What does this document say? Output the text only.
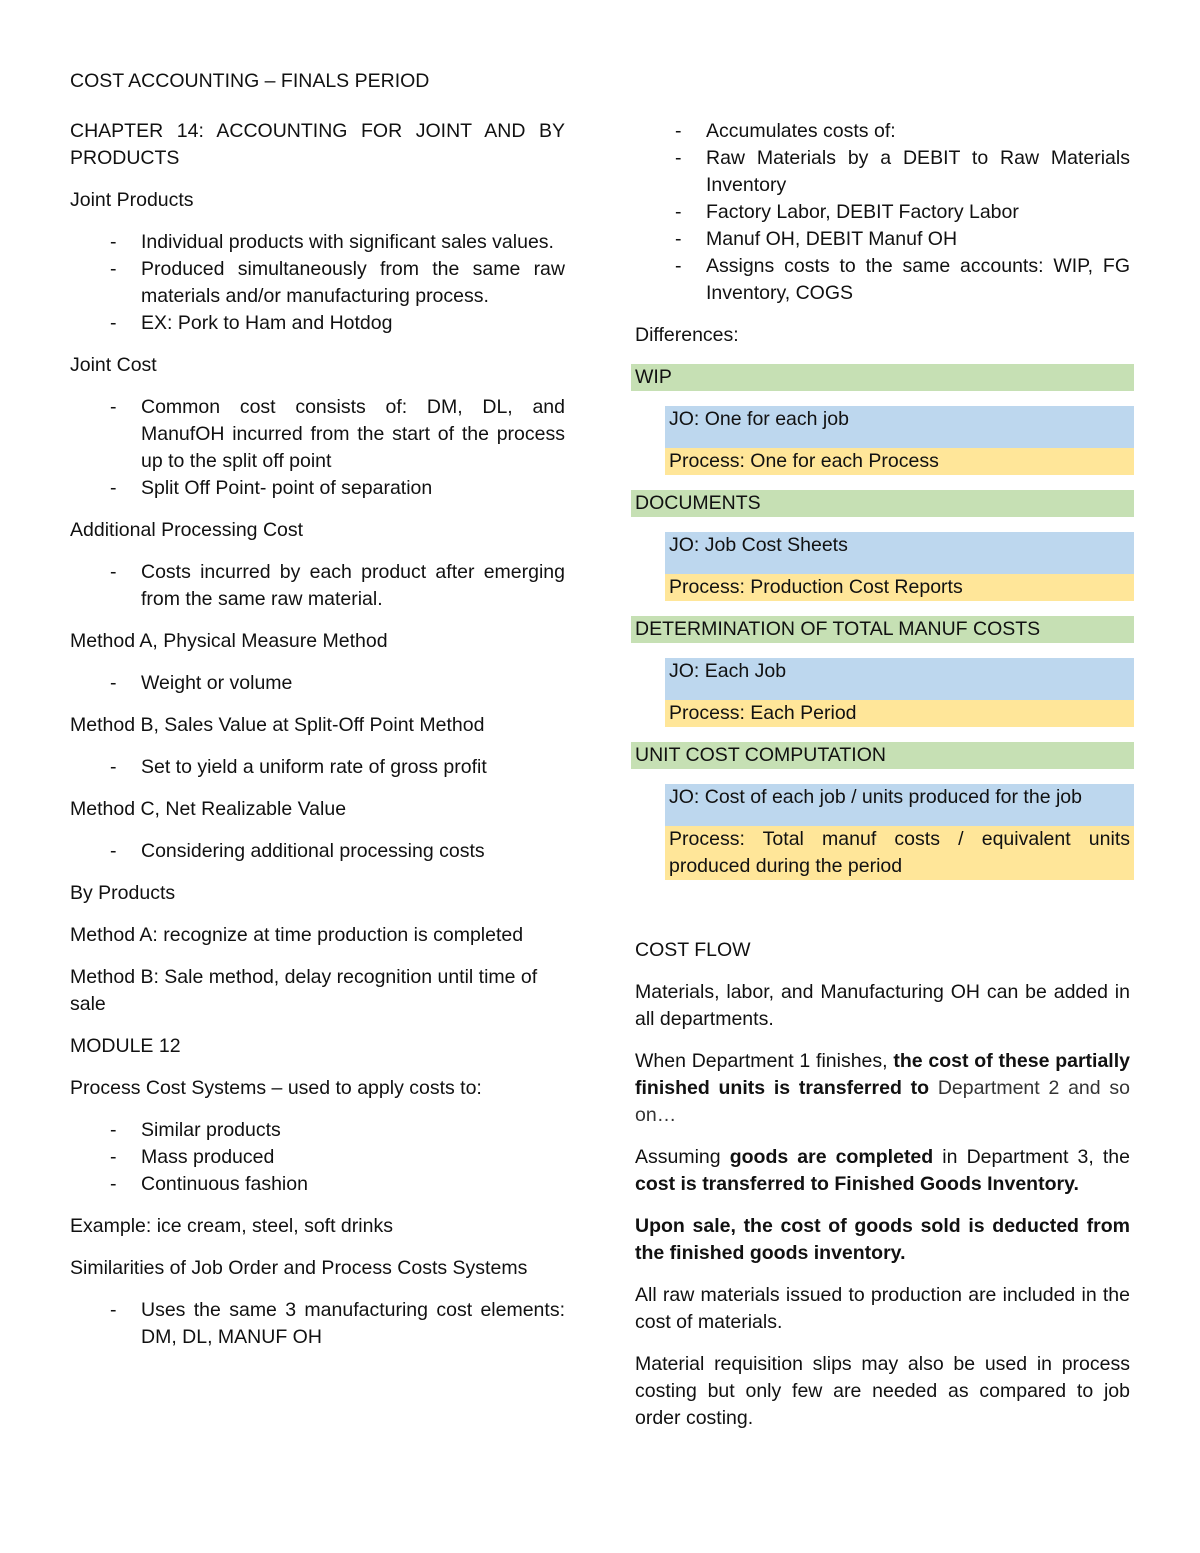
COST ACCOUNTING – FINALS PERIOD

CHAPTER 14: ACCOUNTING FOR JOINT AND BY PRODUCTS

Joint Products

- Individual products with significant sales values.
- Produced simultaneously from the same raw materials and/or manufacturing process.
- EX: Pork to Ham and Hotdog

Joint Cost

- Common cost consists of: DM, DL, and ManufOH incurred from the start of the process up to the split off point
- Split Off Point- point of separation

Additional Processing Cost

- Costs incurred by each product after emerging from the same raw material.

Method A, Physical Measure Method

- Weight or volume

Method B, Sales Value at Split-Off Point Method

- Set to yield a uniform rate of gross profit

Method C, Net Realizable Value

- Considering additional processing costs

By Products

Method A: recognize at time production is completed

Method B: Sale method, delay recognition until time of sale

MODULE 12

Process Cost Systems – used to apply costs to:

- Similar products
- Mass produced
- Continuous fashion

Example: ice cream, steel, soft drinks

Similarities of Job Order and Process Costs Systems

- Uses the same 3 manufacturing cost elements: DM, DL, MANUF OH
- Accumulates costs of:
- Raw Materials by a DEBIT to Raw Materials Inventory
- Factory Labor, DEBIT Factory Labor
- Manuf OH, DEBIT Manuf OH
- Assigns costs to the same accounts: WIP, FG Inventory, COGS

Differences:

WIP
JO: One for each job
Process: One for each Process
DOCUMENTS
JO: Job Cost Sheets
Process: Production Cost Reports
DETERMINATION OF TOTAL MANUF COSTS
JO: Each Job
Process: Each Period
UNIT COST COMPUTATION
JO: Cost of each job / units produced for the job
Process: Total manuf costs / equivalent units produced during the period

COST FLOW

Materials, labor, and Manufacturing OH can be added in all departments.

When Department 1 finishes, the cost of these partially finished units is transferred to Department 2 and so on…

Assuming goods are completed in Department 3, the cost is transferred to Finished Goods Inventory.

Upon sale, the cost of goods sold is deducted from the finished goods inventory.

All raw materials issued to production are included in the cost of materials.

Material requisition slips may also be used in process costing but only few are needed as compared to job order costing.
